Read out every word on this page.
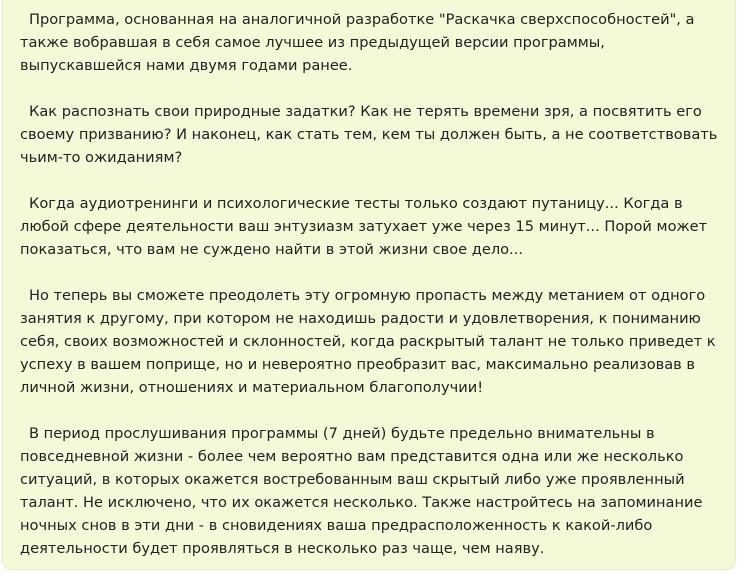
Программа, основанная на аналогичной разработке "Раскачка сверхспособностей", а также вобравшая в себя самое лучшее из предыдущей версии программы, выпускавшейся нами двумя годами ранее.

Как распознать свои природные задатки? Как не терять времени зря, а посвятить его своему призванию? И наконец, как стать тем, кем ты должен быть, а не соответствовать чьим-то ожиданиям?

Когда аудиотренинги и психологические тесты только создают путаницу... Когда в любой сфере деятельности ваш энтузиазм затухает уже через 15 минут... Порой может показаться, что вам не суждено найти в этой жизни свое дело...

Но теперь вы сможете преодолеть эту огромную пропасть между метанием от одного занятия к другому, при котором не находишь радости и удовлетворения, к пониманию себя, своих возможностей и склонностей, когда раскрытый талант не только приведет к успеху в вашем поприще, но и невероятно преобразит вас, максимально реализовав в личной жизни, отношениях и материальном благополучии!

В период прослушивания программы (7 дней) будьте предельно внимательны в повседневной жизни - более чем вероятно вам представится одна или же несколько ситуаций, в которых окажется востребованным ваш скрытый либо уже проявленный талант. Не исключено, что их окажется несколько. Также настройтесь на запоминание ночных снов в эти дни - в сновидениях ваша предрасположенность к какой-либо деятельности будет проявляться в несколько раз чаще, чем наяву.
